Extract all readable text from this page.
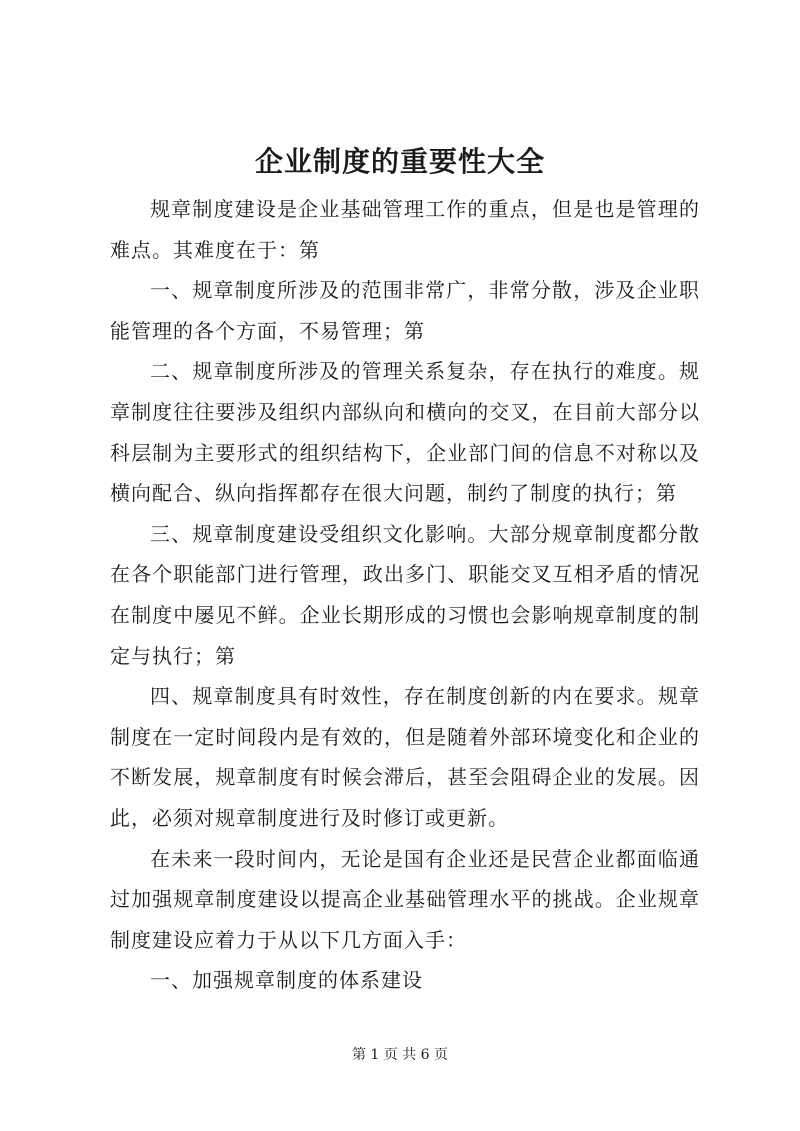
企业制度的重要性大全

规章制度建设是企业基础管理工作的重点，但是也是管理的难点。其难度在于：第

一、规章制度所涉及的范围非常广，非常分散，涉及企业职能管理的各个方面，不易管理；第

二、规章制度所涉及的管理关系复杂，存在执行的难度。规章制度往往要涉及组织内部纵向和横向的交叉，在目前大部分以科层制为主要形式的组织结构下，企业部门间的信息不对称以及横向配合、纵向指挥都存在很大问题，制约了制度的执行；第

三、规章制度建设受组织文化影响。大部分规章制度都分散在各个职能部门进行管理，政出多门、职能交叉互相矛盾的情况在制度中屡见不鲜。企业长期形成的习惯也会影响规章制度的制定与执行；第

四、规章制度具有时效性，存在制度创新的内在要求。规章制度在一定时间段内是有效的，但是随着外部环境变化和企业的不断发展，规章制度有时候会滞后，甚至会阻碍企业的发展。因此，必须对规章制度进行及时修订或更新。

在未来一段时间内，无论是国有企业还是民营企业都面临通过加强规章制度建设以提高企业基础管理水平的挑战。企业规章制度建设应着力于从以下几方面入手：

一、加强规章制度的体系建设

第 1 页 共 6 页
